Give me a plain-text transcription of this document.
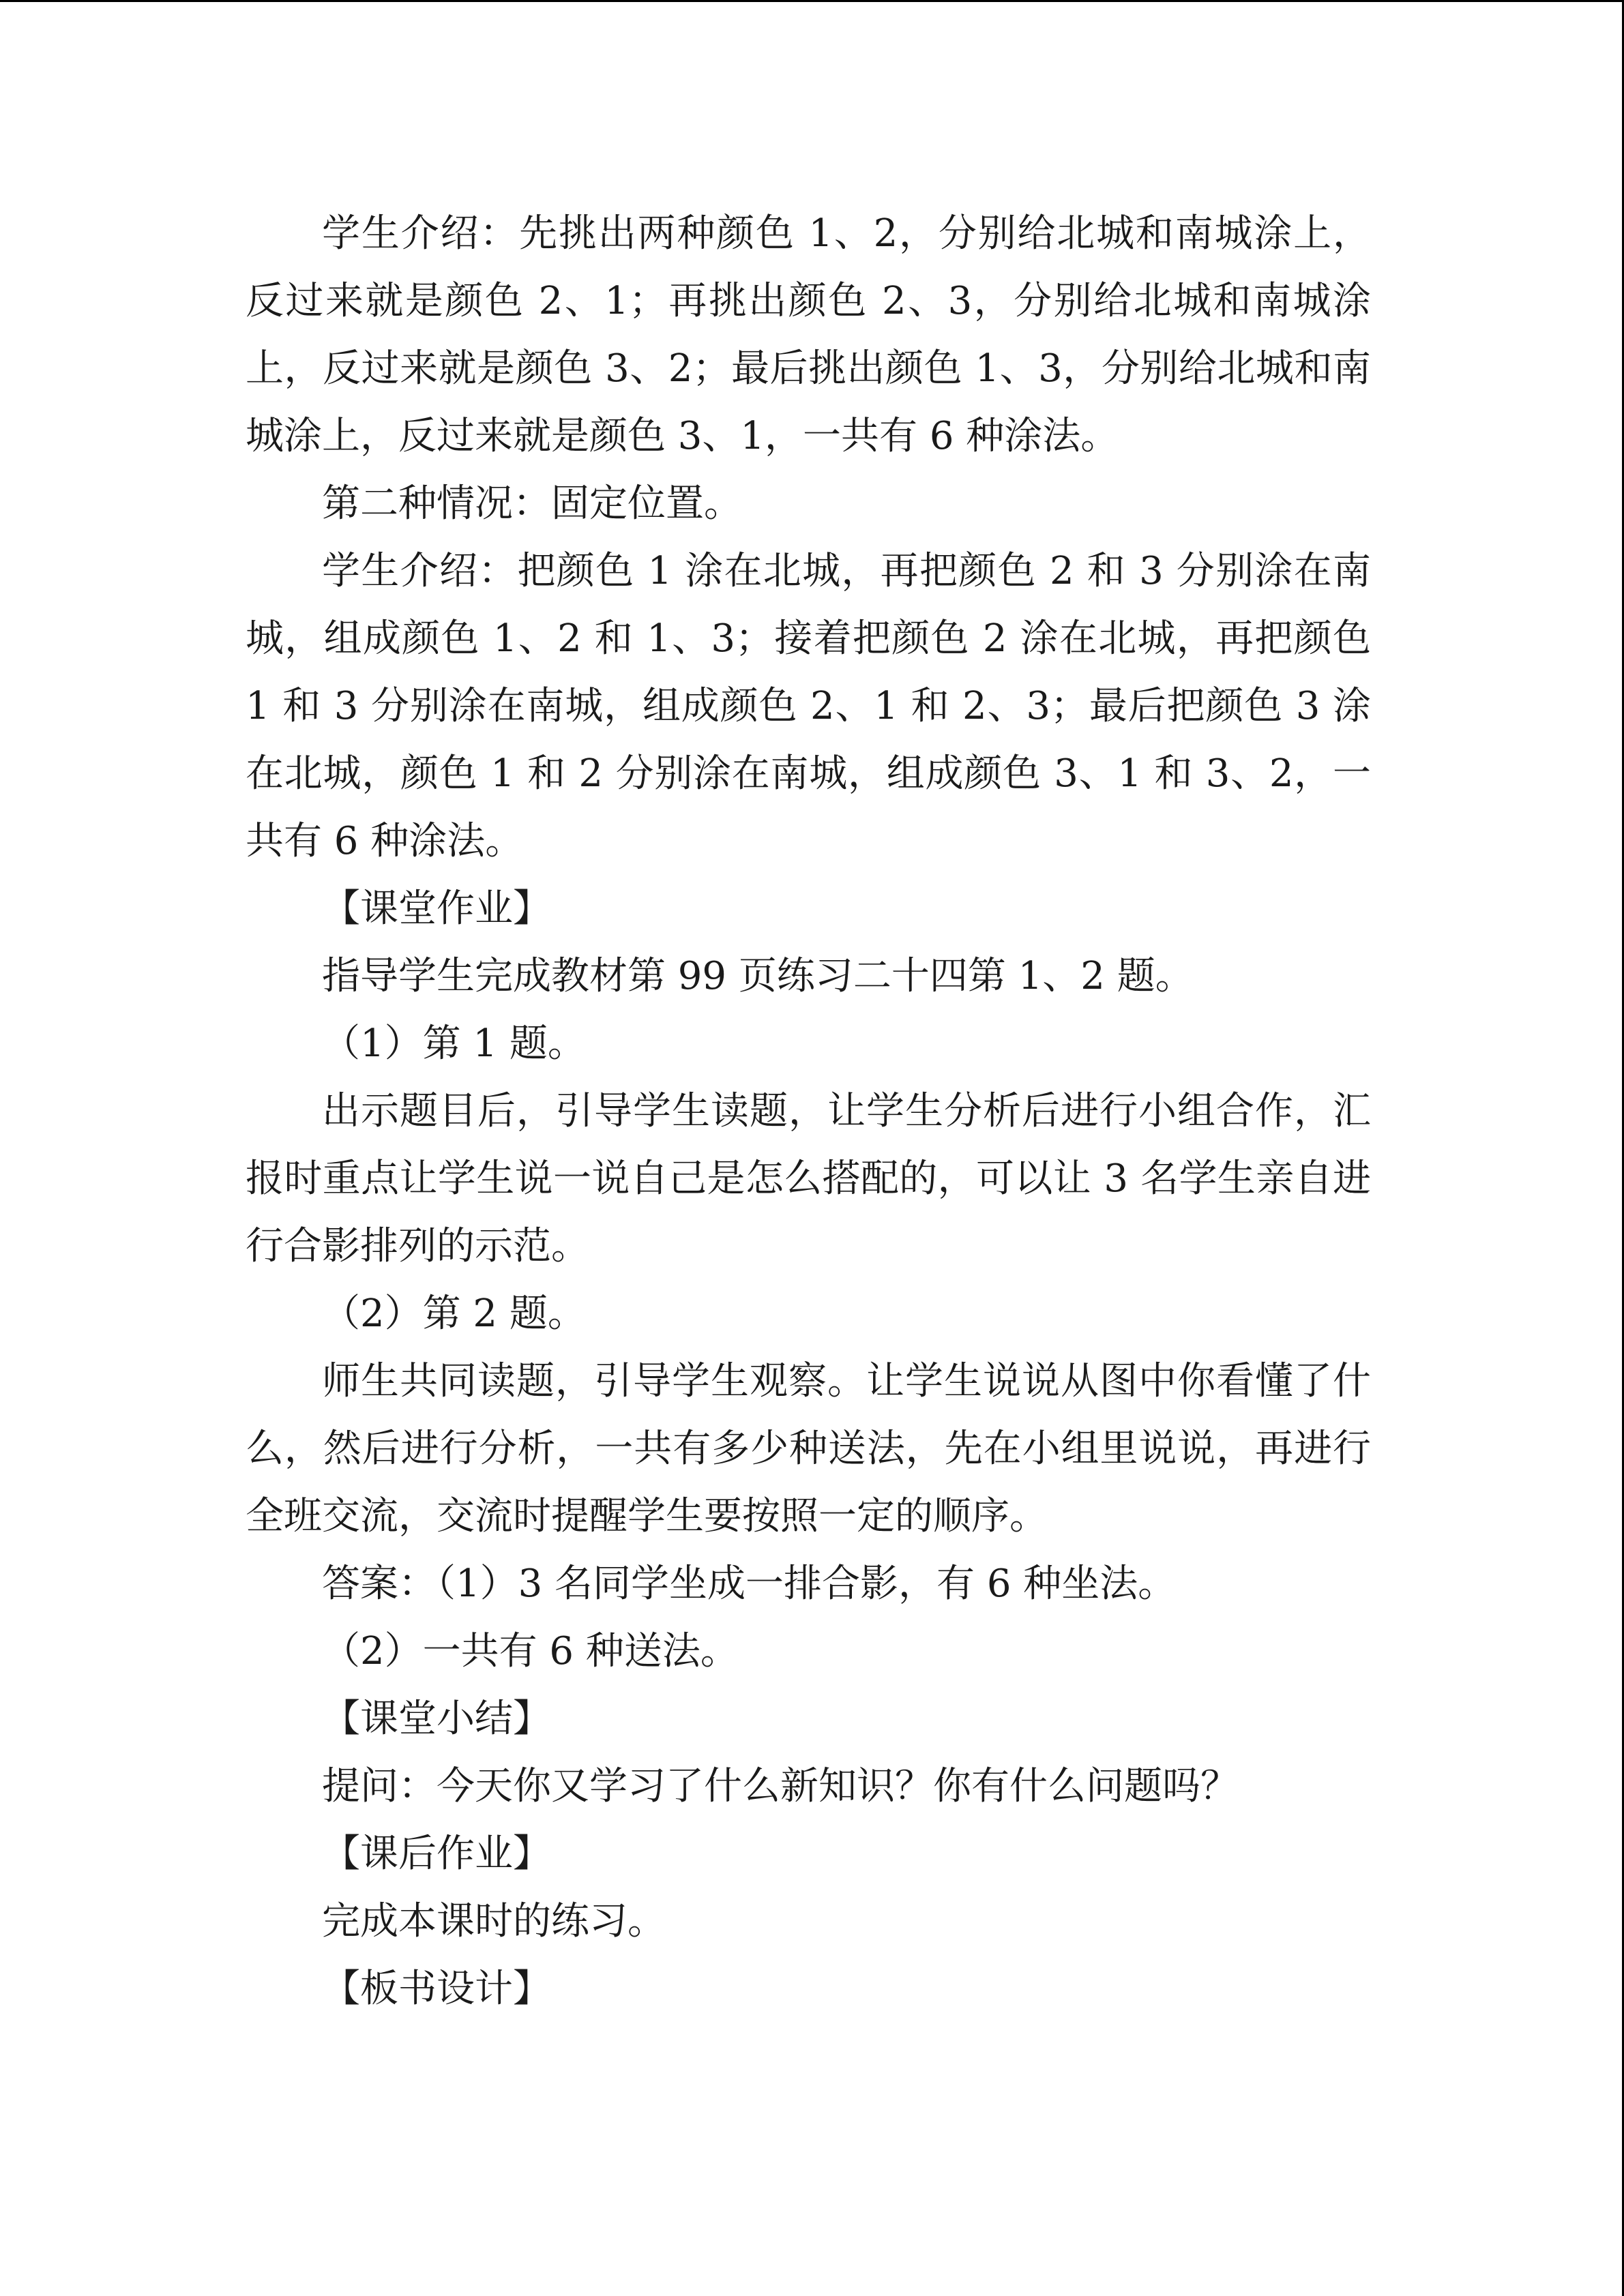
学生介绍：先挑出两种颜色 1、2，分别给北城和南城涂上，反过来就是颜色 2、1；再挑出颜色 2、3，分别给北城和南城涂上，反过来就是颜色 3、2；最后挑出颜色 1、3，分别给北城和南城涂上，反过来就是颜色 3、1，一共有 6 种涂法。

第二种情况：固定位置。

学生介绍：把颜色 1 涂在北城，再把颜色 2 和 3 分别涂在南城，组成颜色 1、2 和 1、3；接着把颜色 2 涂在北城，再把颜色 1 和 3 分别涂在南城，组成颜色 2、1 和 2、3；最后把颜色 3 涂在北城，颜色 1 和 2 分别涂在南城，组成颜色 3、1 和 3、2，一共有 6 种涂法。

【课堂作业】

指导学生完成教材第 99 页练习二十四第 1、2 题。

（1）第 1 题。

出示题目后，引导学生读题，让学生分析后进行小组合作，汇报时重点让学生说一说自己是怎么搭配的，可以让 3 名学生亲自进行合影排列的示范。

（2）第 2 题。

师生共同读题，引导学生观察。让学生说说从图中你看懂了什么，然后进行分析，一共有多少种送法，先在小组里说说，再进行全班交流，交流时提醒学生要按照一定的顺序。

答案：（1）3 名同学坐成一排合影，有 6 种坐法。

（2）一共有 6 种送法。

【课堂小结】

提问：今天你又学习了什么新知识？你有什么问题吗？

【课后作业】

完成本课时的练习。

【板书设计】
